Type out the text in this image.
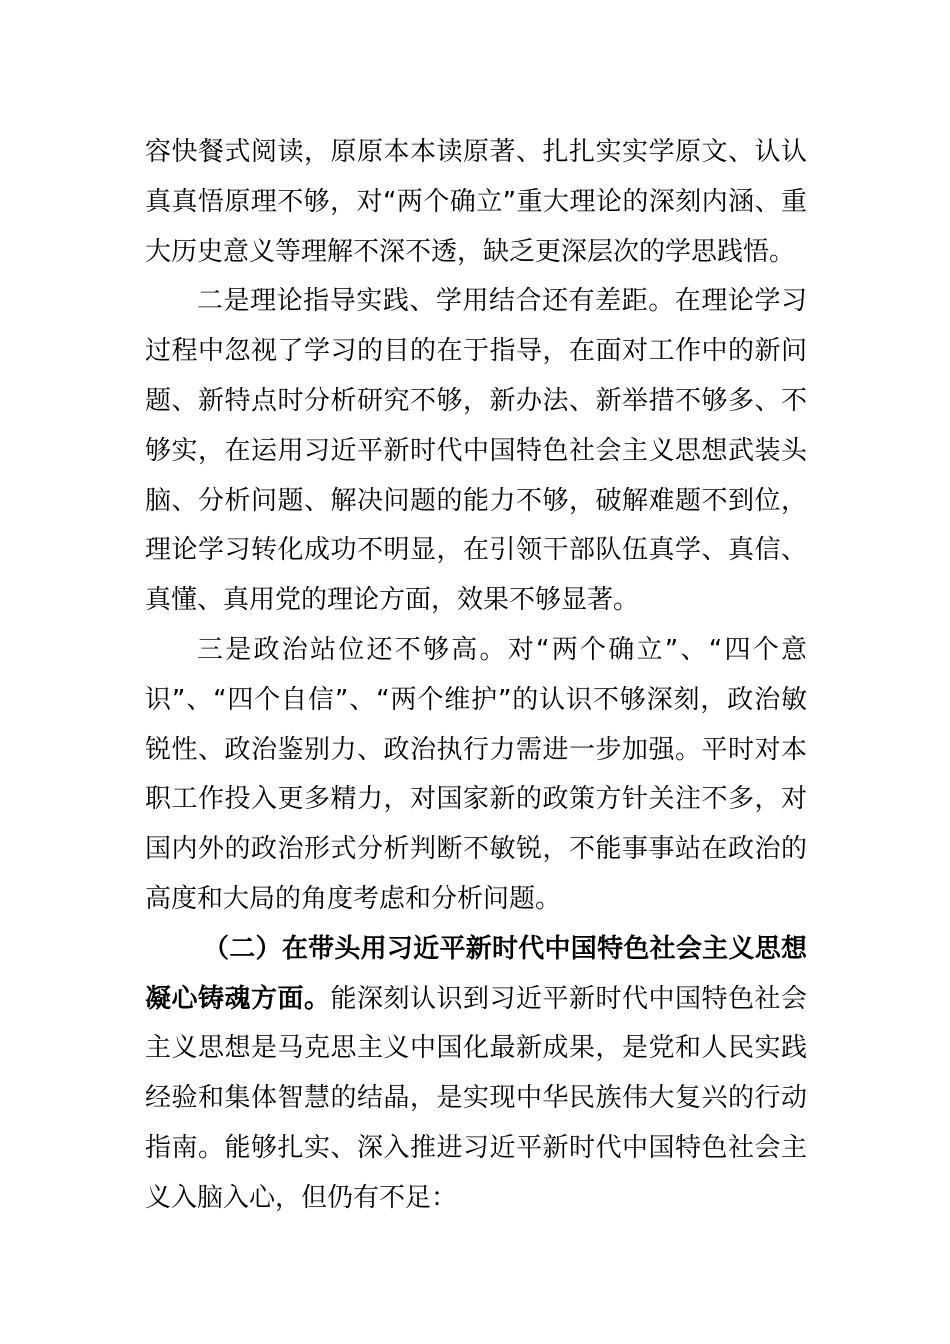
容快餐式阅读，原原本本读原著、扎扎实实学原文、认认真真悟原理不够，对“两个确立”重大理论的深刻内涵、重大历史意义等理解不深不透，缺乏更深层次的学思践悟。

二是理论指导实践、学用结合还有差距。在理论学习过程中忽视了学习的目的在于指导，在面对工作中的新问题、新特点时分析研究不够，新办法、新举措不够多、不够实，在运用习近平新时代中国特色社会主义思想武装头脑、分析问题、解决问题的能力不够，破解难题不到位，理论学习转化成功不明显，在引领干部队伍真学、真信、真懂、真用党的理论方面，效果不够显著。

三是政治站位还不够高。对“两个确立”、“四个意识”、“四个自信”、“两个维护”的认识不够深刻，政治敏锐性、政治鉴别力、政治执行力需进一步加强。平时对本职工作投入更多精力，对国家新的政策方针关注不多，对国内外的政治形式分析判断不敏锐，不能事事站在政治的高度和大局的角度考虑和分析问题。

（二）在带头用习近平新时代中国特色社会主义思想凝心铸魂方面。能深刻认识到习近平新时代中国特色社会主义思想是马克思主义中国化最新成果，是党和人民实践经验和集体智慧的结晶，是实现中华民族伟大复兴的行动指南。能够扎实、深入推进习近平新时代中国特色社会主义入脑入心，但仍有不足：
